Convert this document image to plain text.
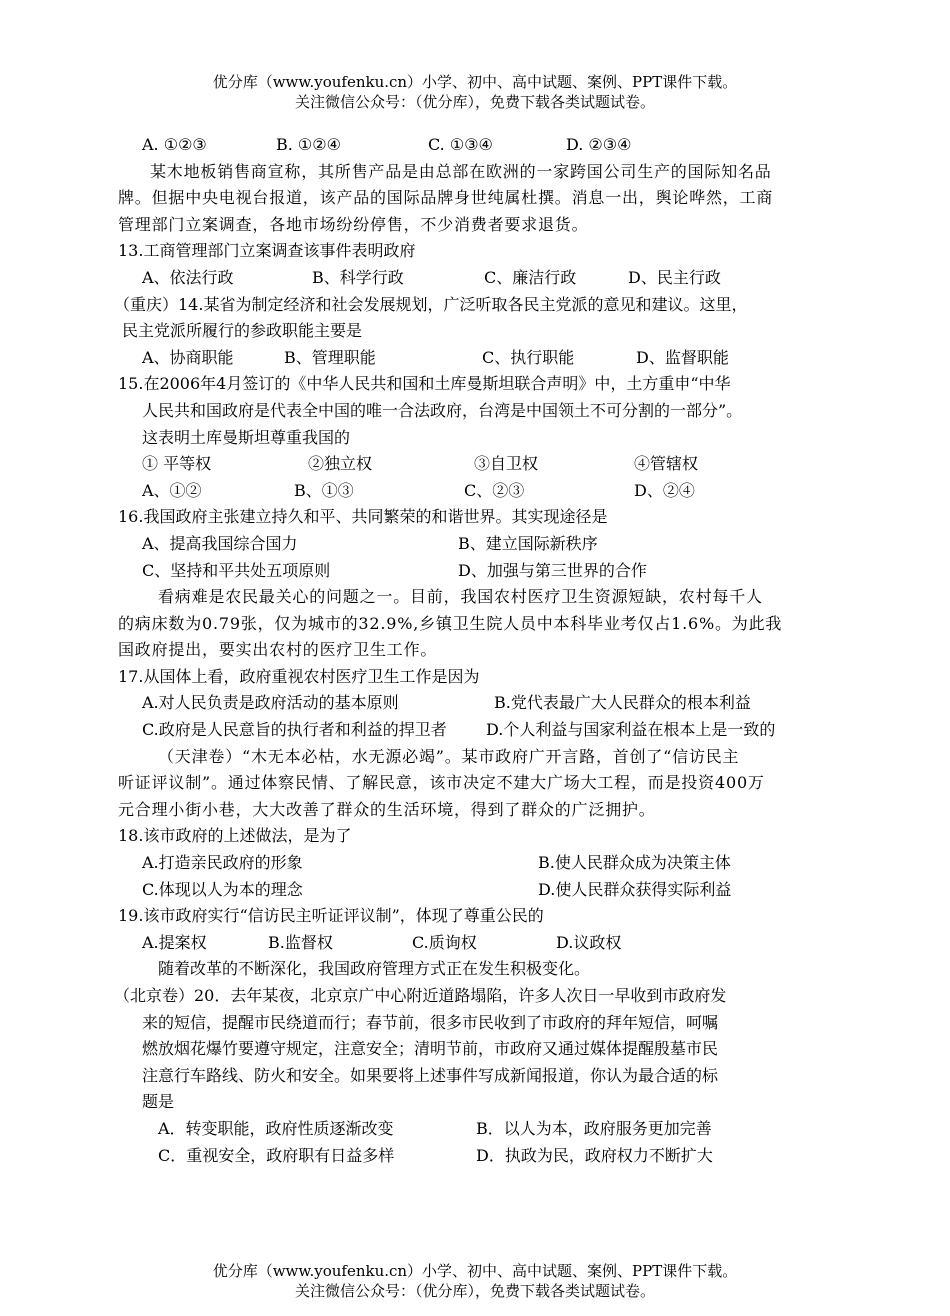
优分库（www.youfenku.cn）小学、初中、高中试题、案例、PPT课件下载。
关注微信公众号：（优分库），免费下载各类试题试卷。
A. ①②③	B. ①②④	C. ①③④	D. ②③④
某木地板销售商宣称，其所售产品是由总部在欧洲的一家跨国公司生产的国际知名品
牌。但据中央电视台报道，该产品的国际品牌身世纯属杜撰。消息一出，舆论哗然，工商
管理部门立案调查，各地市场纷纷停售，不少消费者要求退货。
13.工商管理部门立案调查该事件表明政府
A、依法行政	B、科学行政	C、廉洁行政	D、民主行政
（重庆）14.某省为制定经济和社会发展规划，广泛听取各民主党派的意见和建议。这里，
民主党派所履行的参政职能主要是
A、协商职能	B、管理职能	C、执行职能	D、监督职能
15.在2006年4月签订的《中华人民共和国和土库曼斯坦联合声明》中，土方重申“中华
人民共和国政府是代表全中国的唯一合法政府，台湾是中国领土不可分割的一部分”。
这表明土库曼斯坦尊重我国的
① 平等权	②独立权	③自卫权	④管辖权
A、①②	B、①③	C、②③	D、②④
16.我国政府主张建立持久和平、共同繁荣的和谐世界。其实现途径是
A、提高我国综合国力	B、建立国际新秩序
C、坚持和平共处五项原则	D、加强与第三世界的合作
看病难是农民最关心的问题之一。目前，我国农村医疗卫生资源短缺，农村每千人
的病床数为0.79张，仅为城市的32.9%,乡镇卫生院人员中本科毕业考仅占1.6%。为此我
国政府提出，要实出农村的医疗卫生工作。
17.从国体上看，政府重视农村医疗卫生工作是因为
A.对人民负责是政府活动的基本原则	B.党代表最广大人民群众的根本利益
C.政府是人民意旨的执行者和利益的捍卫者	D.个人利益与国家利益在根本上是一致的
（天津卷）“木无本必枯，水无源必竭”。某市政府广开言路，首创了“信访民主
听证评议制”。通过体察民情、了解民意，该市决定不建大广场大工程，而是投资400万
元合理小街小巷，大大改善了群众的生活环境，得到了群众的广泛拥护。
18.该市政府的上述做法，是为了
A.打造亲民政府的形象	B.使人民群众成为决策主体
C.体现以人为本的理念	D.使人民群众获得实际利益
19.该市政府实行“信访民主听证评议制”，体现了尊重公民的
A.提案权	B.监督权	C.质询权	D.议政权
随着改革的不断深化，我国政府管理方式正在发生积极变化。
（北京卷）20．去年某夜，北京京广中心附近道路塌陷，许多人次日一早收到市政府发
来的短信，提醒市民绕道而行；春节前，很多市民收到了市政府的拜年短信，呵嘱
燃放烟花爆竹要遵守规定，注意安全；清明节前，市政府又通过媒体提醒殷墓市民
注意行车路线、防火和安全。如果要将上述事件写成新闻报道，你认为最合适的标
题是
A．转变职能，政府性质逐渐改变	B．以人为本，政府服务更加完善
C．重视安全，政府职有日益多样	D．执政为民，政府权力不断扩大
优分库（www.youfenku.cn）小学、初中、高中试题、案例、PPT课件下载。
关注微信公众号：（优分库），免费下载各类试题试卷。
